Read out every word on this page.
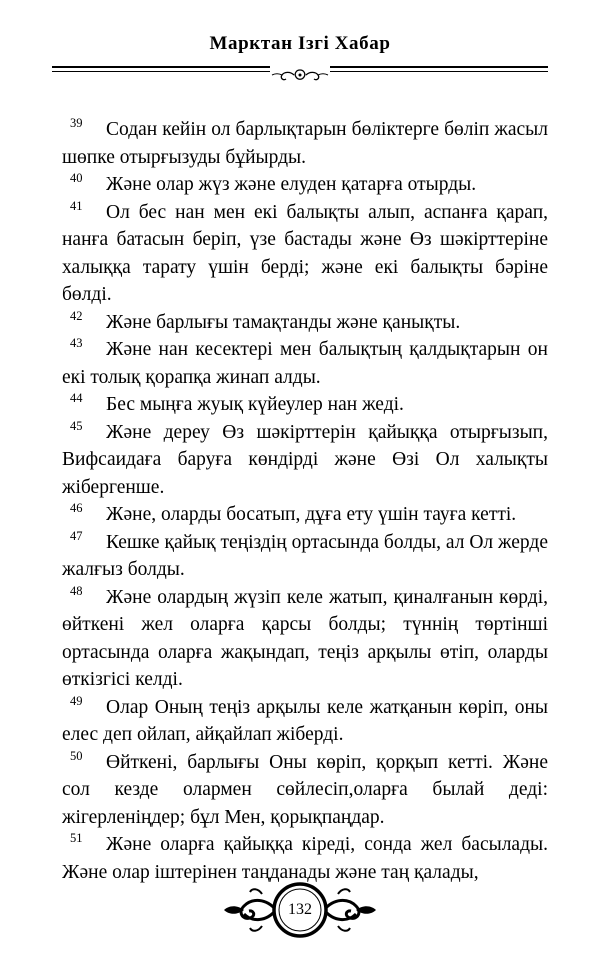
Марктан Ізгі Хабар

39 Содан кейін ол барлықтарын бөліктерге бөліп жасыл шөпке отырғызуды бұйырды.

40 Және олар жүз және елуден қатарға отырды.

41 Ол бес нан мен екі балықты алып, аспанға қарап, нанға батасын беріп, үзе бастады және Өз шәкірттеріне халыққа тарату үшін берді; және екі балықты бәріне бөлді.

42 Және барлығы тамақтанды және қанықты.

43 Және нан кесектері мен балықтың қалдықтарын он екі толық қорапқа жинап алды.

44 Бес мыңға жуық күйеулер нан жеді.

45 Және дереу Өз шәкірттерін қайыққа отырғызып, Вифсаидаға баруға көндірді және Өзі Ол халықты жібергенше.

46 Және, оларды босатып, дұға ету үшін тауға кетті.

47 Кешке қайық теңіздің ортасында болды, ал Ол жерде жалғыз болды.

48 Және олардың жүзіп келе жатып, қиналғанын көрді, өйткені жел оларға қарсы болды; түннің төртінші ортасында оларға жақындап, теңіз арқылы өтіп, оларды өткізгісі келді.

49 Олар Оның теңіз арқылы келе жатқанын көріп, оны елес деп ойлап, айқайлап жіберді.

50 Өйткені, барлығы Оны көріп, қорқып кетті. Және сол кезде олармен сөйлесіп,оларға былай деді: жігерленіңдер; бұл Мен, қорықпаңдар.

51 Және оларға қайыққа кіреді, сонда жел басылады. Және олар іштерінен таңданады және таң қалады,

132
